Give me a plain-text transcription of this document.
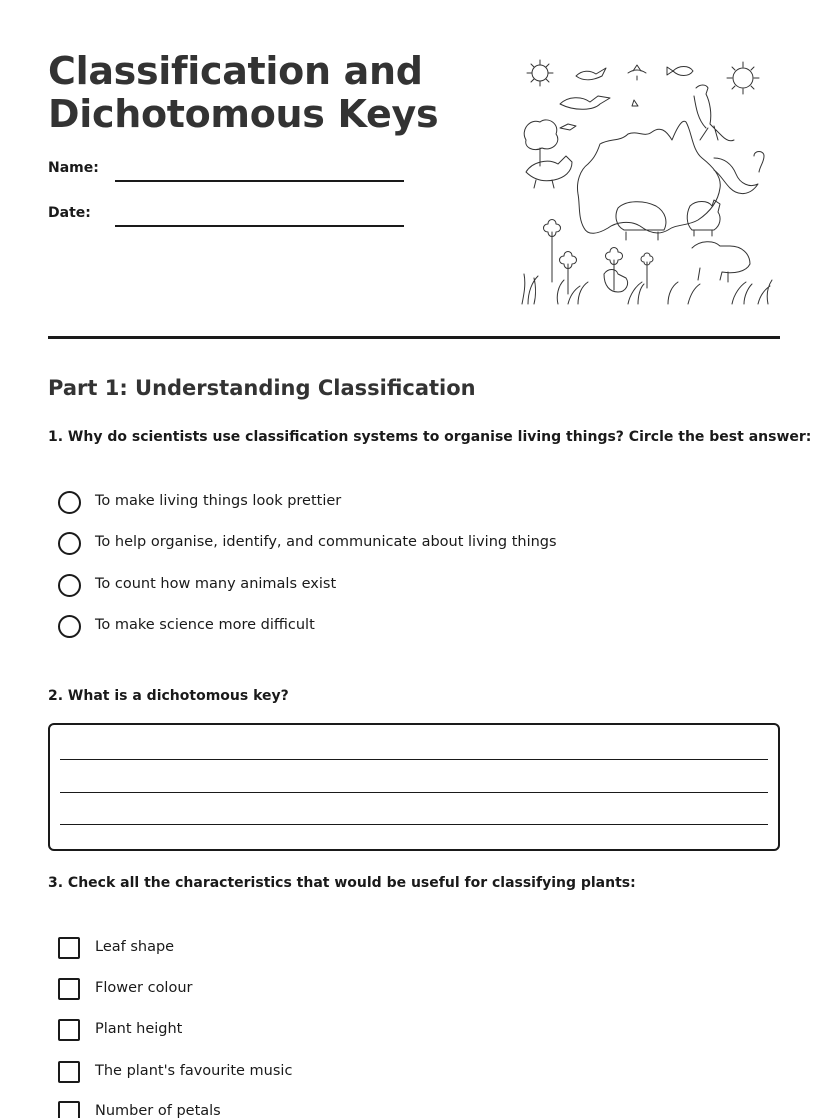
Classification and
Dichotomous Keys
Name:
Date:
Part 1: Understanding Classification

1. Why do scientists use classification systems to organise living things? Circle the best answer:

To make living things look prettier
To help organise, identify, and communicate about living things
To count how many animals exist
To make science more difficult

2. What is a dichotomous key?

3. Check all the characteristics that would be useful for classifying plants:

Leaf shape
Flower colour
Plant height
The plant's favourite music
Number of petals
